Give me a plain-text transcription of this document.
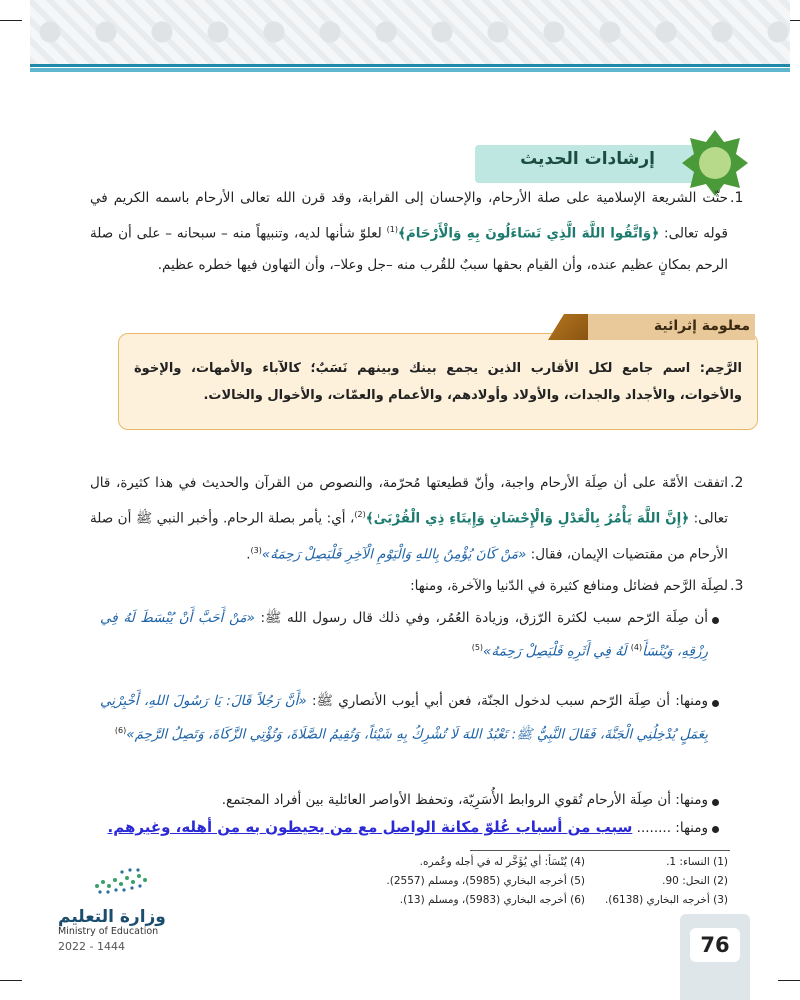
إرشادات الحديث
.1
حثّت الشريعة الإسلامية على صلة الأرحام، والإحسان إلى القرابة، وقد قرن الله تعالى الأرحام باسمه الكريم في قوله تعالى: ﴿وَاتَّقُوا اللَّهَ الَّذِي تَسَاءَلُونَ بِهِ وَالْأَرْحَامَ﴾$^{(1)}$ لعلوّ شأنها لديه، وتنبيهاً منه – سبحانه – على أن صلة الرحم بمكانٍ عظيم عنده، وأن القيام بحقها سببٌ للقُرب منه –جل وعلا–، وأن التهاون فيها خطره عظيم.
معلومة إثرائية
الرَّحِم: اسم جامع لكل الأقارب الذين يجمع بينك وبينهم نَسَبٌ؛ كالآباء والأمهات، والإخوة والأخوات، والأجداد والجدات، والأولاد وأولادهم، والأعمام والعمّات، والأخوال والخالات.
.2
اتفقت الأمّة على أن صِلَة الأرحام واجبة، وأنّ قطيعتها مُحرّمة، والنصوص من القرآن والحديث في هذا كثيرة، قال تعالى: ﴿إِنَّ اللَّهَ يَأْمُرُ بِالْعَدْلِ وَالْإِحْسَانِ وَإِيتَاءِ ذِي الْقُرْبَىٰ﴾$^{(2)}$، أي: يأمر بصلة الرحام. وأخبر النبي ﷺ أن صلة الأرحام من مقتضيات الإيمان، فقال: «مَنْ كَانَ يُؤْمِنُ بِاللهِ وَالْيَوْمِ الْآخِرِ فَلْيَصِلْ رَحِمَهُ»$^{(3)}$.
.3
لصِلَة الرَّحم فضائل ومنافع كثيرة في الدّنيا والآخرة، ومنها:
أن صِلَة الرّحم سبب لكثرة الرّزق، وزيادة العُمُر، وفي ذلك قال رسول الله ﷺ: «مَنْ أَحَبَّ أَنْ يُبْسَطَ لَهُ فِي رِزْقِهِ، وَيُنْسَأَ$^{(4)}$ لَهُ فِي أَثَرِهِ فَلْيَصِلْ رَحِمَهُ»$^{(5)}$
ومنها: أن صِلَة الرّحم سبب لدخول الجنّة، فعن أبي أيوب الأنصاري ﷺ: «أَنَّ رَجُلاً قَالَ: يَا رَسُولَ اللهِ، أَخْبِرْنِي بِعَمَلٍ يُدْخِلُنِي الْجَنَّةَ، فَقَالَ النَّبِيُّ ﷺ: تَعْبُدُ اللهَ لَا تُشْرِكُ بِهِ شَيْئاً، وَتُقِيمُ الصَّلَاةَ، وَتُؤْتِي الزَّكَاةَ، وَتَصِلُ الرَّحِمَ»$^{(6)}$
ومنها: أن صِلَة الأرحام تُقوي الروابط الأُسَرِيّة، وتحفظ الأواصر العائلية بين أفراد المجتمع.
ومنها: ........ سبب من أسباب عُلوّ مكانة الواصل مع من يحيطون به من أهله، وغيرهم.
(1) النساء: 1.
(2) النحل: 90.
(3) أخرجه البخاري (6138).
(4) يُنْسَأ: أي يُؤَخَّر له في أجله وعُمره.
(5) أخرجه البخاري (5985)، ومسلم (2557).
(6) أخرجه البخاري (5983)، ومسلم (13).
وزارة التعليم
Ministry of Education
2022 - 1444	76
